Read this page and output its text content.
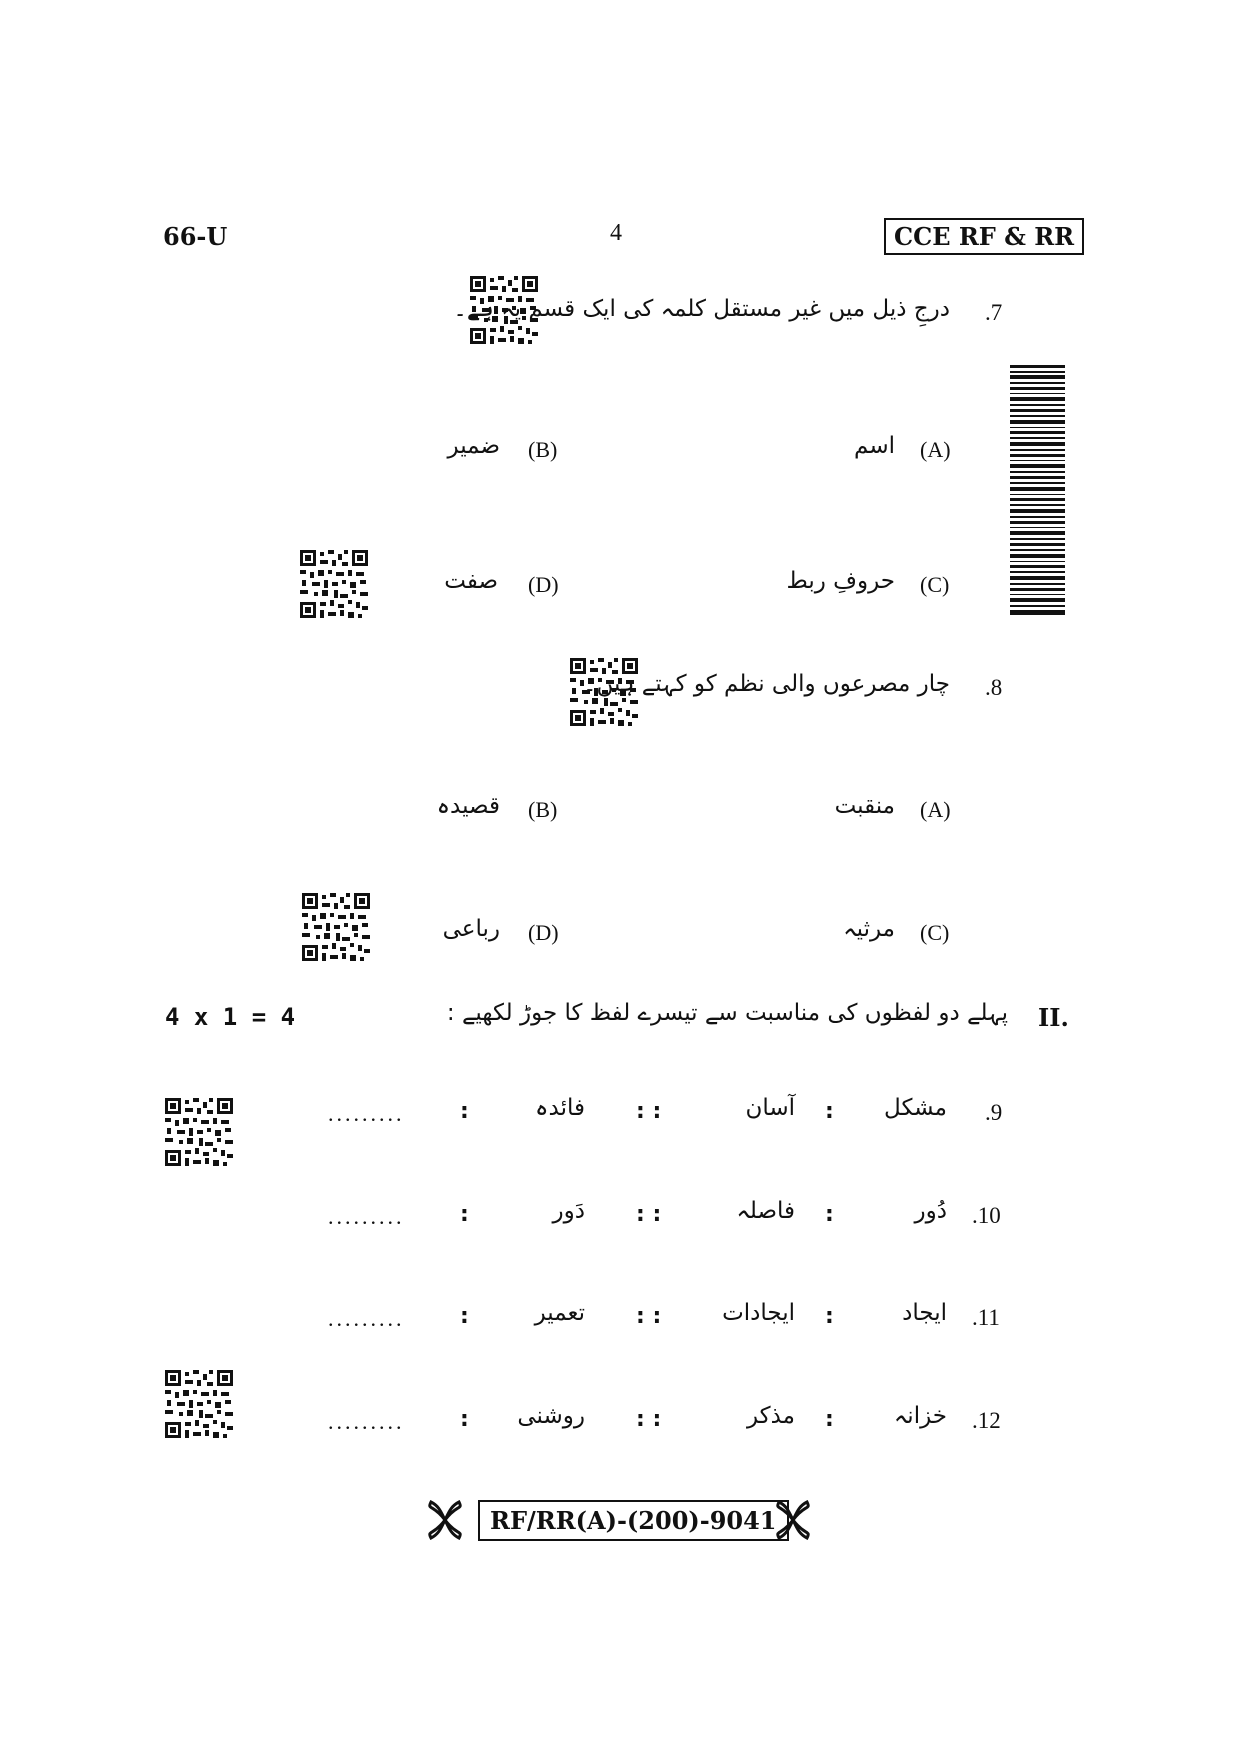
66-U	4	CCE RF & RR
.7
درجِ ذیل میں غیر مستقل کلمہ کی ایک قسم یہ ہے۔
(A)
اسم
(B)
ضمیر
(C)
حروفِ ربط
(D)
صفت
.8
چار مصرعوں والی نظم کو کہتے ہیں۔
(A)
منقبت
(B)
قصیدہ
(C)
مرثیہ
(D)
رباعی
4 x 1 = 4	II.
پہلے دو لفظوں کی مناسبت سے تیسرے لفظ کا جوڑ لکھیے :
.9
مشکل
:
آسان
: :
فائدہ
:
.........
.10
دُور
:
فاصلہ
: :
دَور
:
.........
.11
ایجاد
:
ایجادات
: :
تعمیر
:
.........
.12
خزانہ
:
مذکر
: :
روشنی
:
.........
RF/RR(A)-(200)-9041
